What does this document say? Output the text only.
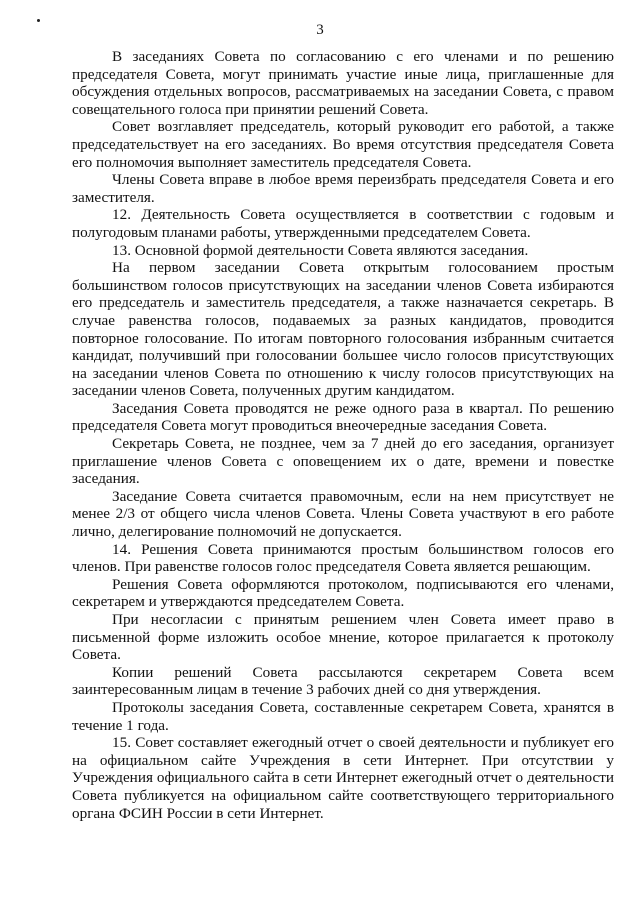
3

В заседаниях Совета по согласованию с его членами и по решению председателя Совета, могут принимать участие иные лица, приглашенные для обсуждения отдельных вопросов, рассматриваемых на заседании Совета, с правом совещательного голоса при принятии решений Совета.

Совет возглавляет председатель, который руководит его работой, а также председательствует на его заседаниях. Во время отсутствия председателя Совета его полномочия выполняет заместитель председателя Совета.

Члены Совета вправе в любое время переизбрать председателя Совета и его заместителя.

12. Деятельность Совета осуществляется в соответствии с годовым и полугодовым планами работы, утвержденными председателем Совета.

13. Основной формой деятельности Совета являются заседания.

На первом заседании Совета открытым голосованием простым большинством голосов присутствующих на заседании членов Совета избираются его председатель и заместитель председателя, а также назначается секретарь. В случае равенства голосов, подаваемых за разных кандидатов, проводится повторное голосование. По итогам повторного голосования избранным считается кандидат, получивший при голосовании большее число голосов присутствующих на заседании членов Совета по отношению к числу голосов присутствующих на заседании членов Совета, полученных другим кандидатом.

Заседания Совета проводятся не реже одного раза в квартал. По решению председателя Совета могут проводиться внеочередные заседания Совета.

Секретарь Совета, не позднее, чем за 7 дней до его заседания, организует приглашение членов Совета с оповещением их о дате, времени и повестке заседания.

Заседание Совета считается правомочным, если на нем присутствует не менее 2/3 от общего числа членов Совета. Члены Совета участвуют в его работе лично, делегирование полномочий не допускается.

14. Решения Совета принимаются простым большинством голосов его членов. При равенстве голосов голос председателя Совета является решающим.

Решения Совета оформляются протоколом, подписываются его членами, секретарем и утверждаются председателем Совета.

При несогласии с принятым решением член Совета имеет право в письменной форме изложить особое мнение, которое прилагается к протоколу Совета.

Копии решений Совета рассылаются секретарем Совета всем заинтересованным лицам в течение 3 рабочих дней со дня утверждения.

Протоколы заседания Совета, составленные секретарем Совета, хранятся в течение 1 года.

15. Совет составляет ежегодный отчет о своей деятельности и публикует его на официальном сайте Учреждения в сети Интернет. При отсутствии у Учреждения официального сайта в сети Интернет ежегодный отчет о деятельности Совета публикуется на официальном сайте соответствующего территориального органа ФСИН России в сети Интернет.
